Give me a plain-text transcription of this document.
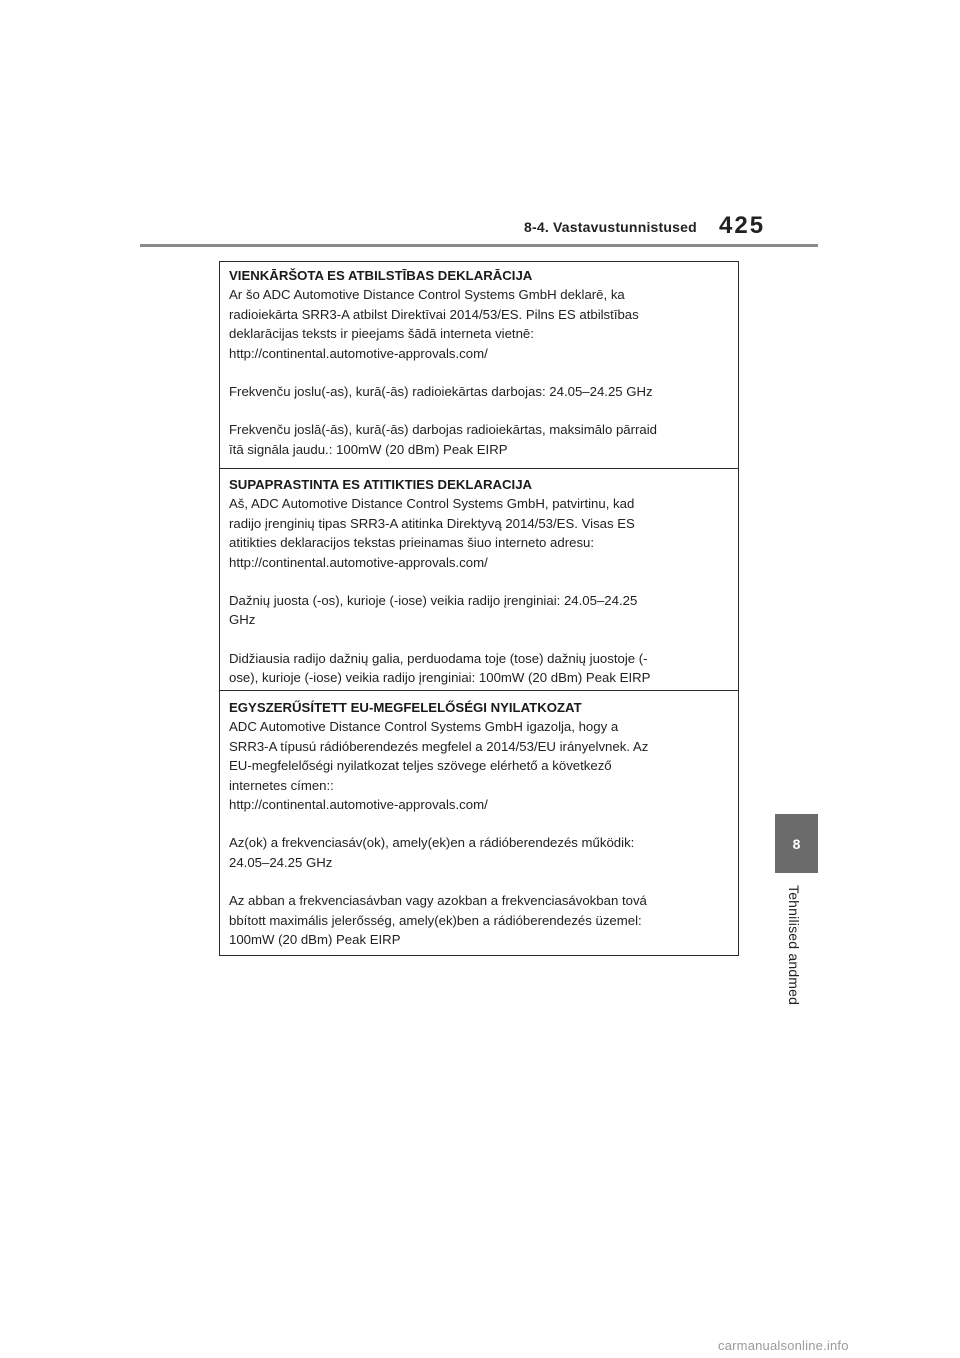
8-4. Vastavustunnistused 425
8
Tehnilised andmed
VIENKĀRŠOTA ES ATBILSTĪBAS DEKLARĀCIJA

Ar šo ADC Automotive Distance Control Systems GmbH deklarē, ka
radioiekārta SRR3-A atbilst Direktīvai 2014/53/ES. Pilns ES atbilstības
deklarācijas teksts ir pieejams šādā interneta vietnē:
http://continental.automotive-approvals.com/

Frekvenču joslu(-as), kurā(-ās) radioiekārtas darbojas: 24.05–24.25 GHz

Frekvenču joslā(-ās), kurā(-ās) darbojas radioiekārtas, maksimālo pārraid
ītā signāla jaudu.: 100mW (20 dBm) Peak EIRP

SUPAPRASTINTA ES ATITIKTIES DEKLARACIJA

Aš, ADC Automotive Distance Control Systems GmbH, patvirtinu, kad
radijo įrenginių tipas SRR3-A atitinka Direktyvą 2014/53/ES. Visas ES
atitikties deklaracijos tekstas prieinamas šiuo interneto adresu:
http://continental.automotive-approvals.com/

Dažnių juosta (-os), kurioje (-iose) veikia radijo įrenginiai: 24.05–24.25
GHz

Didžiausia radijo dažnių galia, perduodama toje (tose) dažnių juostoje (-
ose), kurioje (-iose) veikia radijo įrenginiai: 100mW (20 dBm) Peak EIRP

EGYSZERŰSÍTETT EU-MEGFELELŐSÉGI NYILATKOZAT

ADC Automotive Distance Control Systems GmbH igazolja, hogy a
SRR3-A típusú rádióberendezés megfelel a 2014/53/EU irányelvnek. Az
EU-megfelelőségi nyilatkozat teljes szövege elérhető a következő
internetes címen::
http://continental.automotive-approvals.com/

Az(ok) a frekvenciasáv(ok), amely(ek)en a rádióberendezés működik:
24.05–24.25 GHz

Az abban a frekvenciasávban vagy azokban a frekvenciasávokban tová
bbított maximális jelerősség, amely(ek)ben a rádióberendezés üzemel:
100mW (20 dBm) Peak EIRP

carmanualsonline.info
